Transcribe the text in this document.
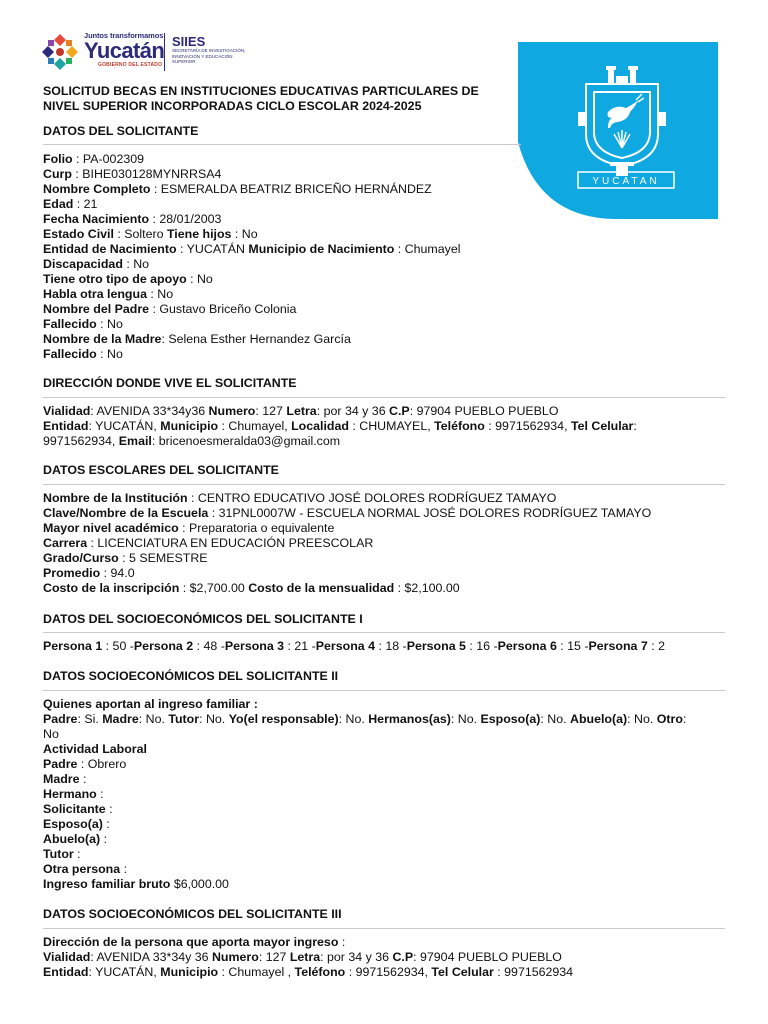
Juntos transformamos
Yucatán
GOBIERNO DEL ESTADO
SIIES
SECRETARÍA DE INVESTIGACIÓN, INNOVACIÓN Y EDUCACIÓN SUPERIOR
YUCATAN
SOLICITUD BECAS EN INSTITUCIONES EDUCATIVAS PARTICULARES DE
NIVEL SUPERIOR INCORPORADAS CICLO ESCOLAR 2024-2025
DATOS DEL SOLICITANTE
Folio : PA-002309
Curp : BIHE030128MYNRRSA4
Nombre Completo : ESMERALDA BEATRIZ BRICEÑO HERNÁNDEZ
Edad : 21
Fecha Nacimiento : 28/01/2003
Estado Civil : Soltero Tiene hijos : No
Entidad de Nacimiento : YUCATÁN Municipio de Nacimiento : Chumayel
Discapacidad : No
Tiene otro tipo de apoyo : No
Habla otra lengua : No
Nombre del Padre : Gustavo Briceño Colonia
Fallecido : No
Nombre de la Madre: Selena Esther Hernandez García
Fallecido : No
DIRECCIÓN DONDE VIVE EL SOLICITANTE
Vialidad: AVENIDA 33*34y36 Numero: 127 Letra: por 34 y 36 C.P: 97904 PUEBLO PUEBLO
Entidad: YUCATÁN, Municipio : Chumayel, Localidad : CHUMAYEL, Teléfono : 9971562934, Tel Celular:
9971562934, Email: bricenoesmeralda03@gmail.com
DATOS ESCOLARES DEL SOLICITANTE
Nombre de la Institución : CENTRO EDUCATIVO JOSÉ DOLORES RODRÍGUEZ TAMAYO
Clave/Nombre de la Escuela : 31PNL0007W - ESCUELA NORMAL JOSÉ DOLORES RODRÍGUEZ TAMAYO
Mayor nivel académico : Preparatoria o equivalente
Carrera : LICENCIATURA EN EDUCACIÓN PREESCOLAR
Grado/Curso : 5 SEMESTRE
Promedio : 94.0
Costo de la inscripción : $2,700.00 Costo de la mensualidad : $2,100.00
DATOS DEL SOCIOECONÓMICOS DEL SOLICITANTE I
Persona 1 : 50 -Persona 2 : 48 -Persona 3 : 21 -Persona 4 : 18 -Persona 5 : 16 -Persona 6 : 15 -Persona 7 : 2
DATOS SOCIOECONÓMICOS DEL SOLICITANTE II
Quienes aportan al ingreso familiar :
Padre: Si. Madre: No. Tutor: No. Yo(el responsable): No. Hermanos(as): No. Esposo(a): No. Abuelo(a): No. Otro:
No
Actividad Laboral
Padre : Obrero
Madre :
Hermano :
Solicitante :
Esposo(a) :
Abuelo(a) :
Tutor :
Otra persona :
Ingreso familiar bruto $6,000.00
DATOS SOCIOECONÓMICOS DEL SOLICITANTE III
Dirección de la persona que aporta mayor ingreso :
Vialidad: AVENIDA 33*34y 36 Numero: 127 Letra: por 34 y 36 C.P: 97904 PUEBLO PUEBLO
Entidad: YUCATÁN, Municipio : Chumayel , Teléfono : 9971562934, Tel Celular : 9971562934
